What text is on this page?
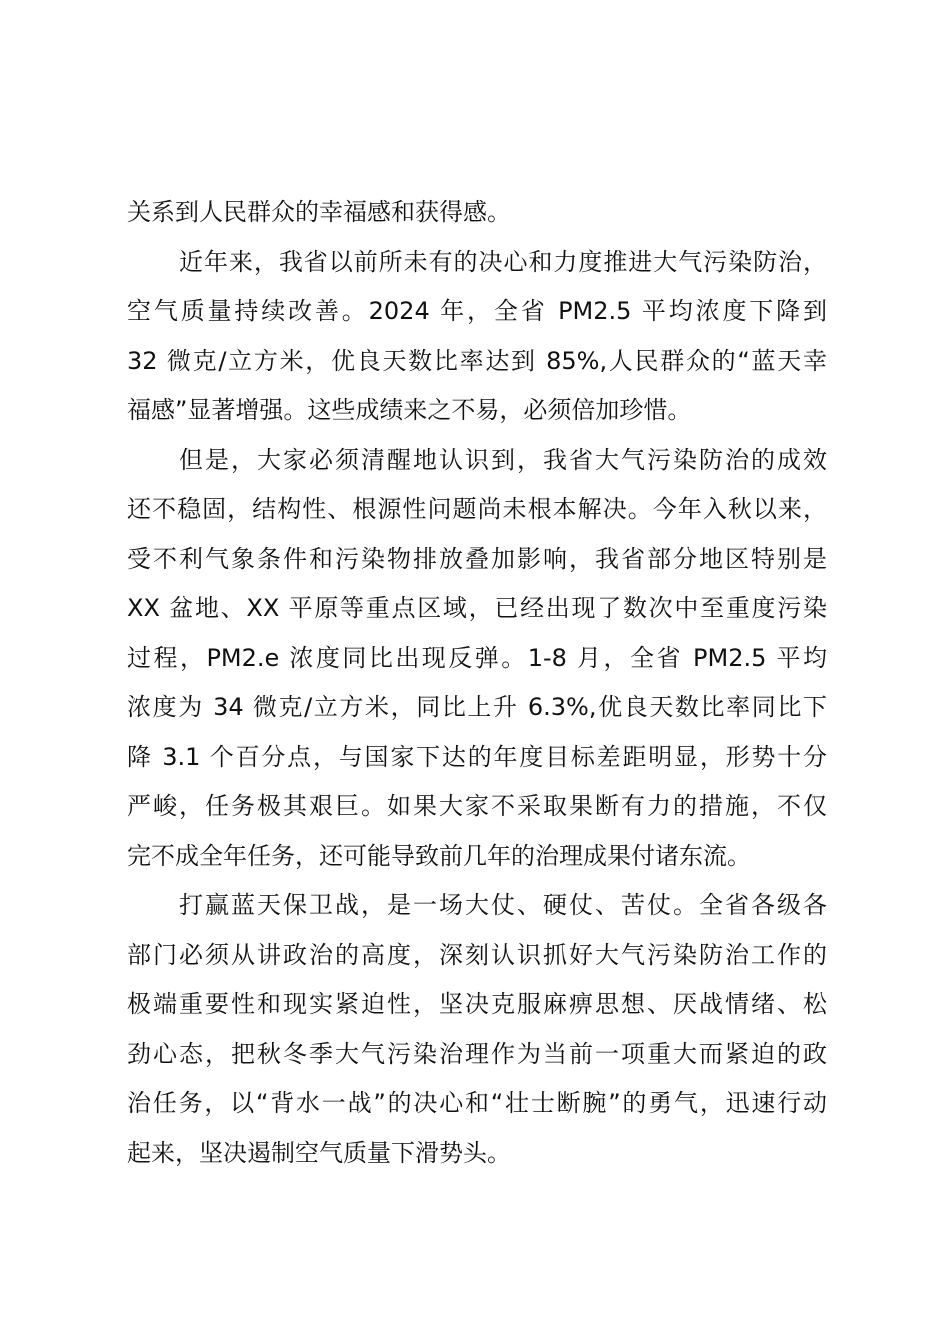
关系到人民群众的幸福感和获得感。
近年来，我省以前所未有的决心和力度推进大气污染防治，
空气质量持续改善。2024 年，全省 PM2.5 平均浓度下降到
32 微克/立方米，优良天数比率达到 85%,人民群众的“蓝天幸
福感”显著增强。这些成绩来之不易，必须倍加珍惜。
但是，大家必须清醒地认识到，我省大气污染防治的成效
还不稳固，结构性、根源性问题尚未根本解决。今年入秋以来，
受不利气象条件和污染物排放叠加影响，我省部分地区特别是
XX 盆地、XX 平原等重点区域，已经出现了数次中至重度污染
过程，PM2.e 浓度同比出现反弹。1-8 月，全省 PM2.5 平均
浓度为 34 微克/立方米，同比上升 6.3%,优良天数比率同比下
降 3.1 个百分点，与国家下达的年度目标差距明显，形势十分
严峻，任务极其艰巨。如果大家不采取果断有力的措施，不仅
完不成全年任务，还可能导致前几年的治理成果付诸东流。
打赢蓝天保卫战，是一场大仗、硬仗、苦仗。全省各级各
部门必须从讲政治的高度，深刻认识抓好大气污染防治工作的
极端重要性和现实紧迫性，坚决克服麻痹思想、厌战情绪、松
劲心态，把秋冬季大气污染治理作为当前一项重大而紧迫的政
治任务，以“背水一战”的决心和“壮士断腕”的勇气，迅速行动
起来，坚决遏制空气质量下滑势头。
